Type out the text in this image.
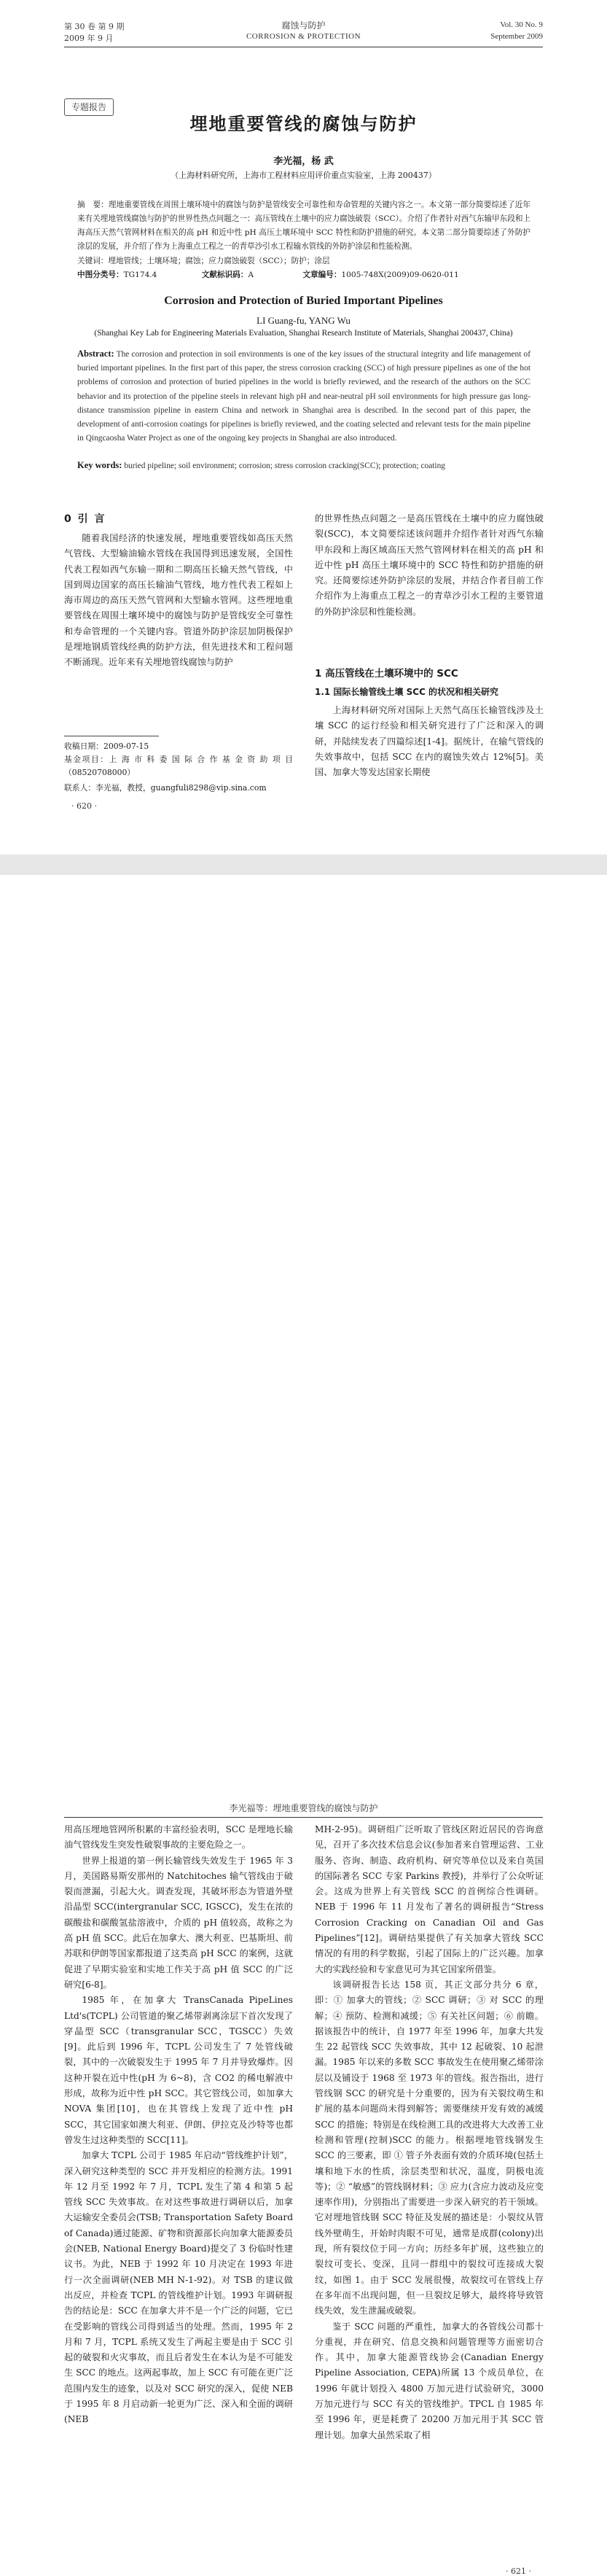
第 30 卷 第 9 期
2009 年 9 月
腐蚀与防护
CORROSION & PROTECTION
Vol. 30 No. 9
September 2009
专题报告
埋地重要管线的腐蚀与防护
李光福，杨 武
（上海材料研究所，上海市工程材料应用评价重点实验室，上海 200437）
摘　要：理地重要管线在周围土壤环境中的腐蚀与防护是管线安全可靠性和寿命管理的关键内容之一。本文第一部分简要综述了近年来有关埋地管线腐蚀与防护的世界性热点问题之一：高压管线在土壤中的应力腐蚀破裂（SCC）。介绍了作者针对西气东输甲东段和上海高压天然气管网材料在相关的高 pH 和近中性 pH 高压土壤环境中 SCC 特性和防护措施的研究。本文第二部分简要综述了外防护涂层的发展，并介绍了作为上海重点工程之一的青草沙引水工程输水管线的外防护涂层和性能检测。
关键词：埋地管线；土壤环境；腐蚀；应力腐蚀破裂（SCC）；防护；涂层
中图分类号：TG174.4	文献标识码：A	文章编号：1005-748X(2009)09-0620-011
Corrosion and Protection of Buried Important Pipelines
LI Guang-fu, YANG Wu
(Shanghai Key Lab for Engineering Materials Evaluation, Shanghai Research Institute of Materials, Shanghai 200437, China)
Abstract: The corrosion and protection in soil environments is one of the key issues of the structural integrity and life management of buried important pipelines. In the first part of this paper, the stress corrosion cracking (SCC) of high pressure pipelines as one of the hot problems of corrosion and protection of buried pipelines in the world is briefly reviewed, and the research of the authors on the SCC behavior and its protection of the pipeline steels in relevant high pH and near-neutral pH soil environments for high pressure gas long-distance transmission pipeline in eastern China and network in Shanghai area is described. In the second part of this paper, the development of anti-corrosion coatings for pipelines is briefly reviewed, and the coating selected and relevant tests for the main pipeline in Qingcaosha Water Project as one of the ongoing key projects in Shanghai are also introduced.
Key words: buried pipeline; soil environment; corrosion; stress corrosion cracking(SCC); protection; coating
0 引 言
随着我国经济的快速发展，埋地重要管线如高压天然气管线、大型输油输水管线在我国得到迅速发展，全国性代表工程如西气东输一期和二期高压长输天然气管线，中国到周边国家的高压长输油气管线，地方性代表工程如上海市周边的高压天然气管网和大型输水管网。这些埋地重要管线在周围土壤环境中的腐蚀与防护是管线安全可靠性和寿命管理的一个关键内容。管道外防护涂层加阴极保护是埋地钢质管线经典的防护方法，但先进技术和工程问题不断涌现。近年来有关埋地管线腐蚀与防护
收稿日期：2009-07-15
基金项目：上 海 市 科 委 国 际 合 作 基 金 资 助 项 目（08520708000）
联系人：李光福，教授，guangfuli8298@vip.sina.com
· 620 ·
的世界性热点问题之一是高压管线在土壤中的应力腐蚀破裂(SCC)，本文简要综述该问题并介绍作者针对西气东输甲东段和上海区域高压天然气管网材料在相关的高 pH 和近中性 pH 高压土壤环境中的 SCC 特性和防护措施的研究。还简要综述外防护涂层的发展，并结合作者目前工作介绍作为上海重点工程之一的青草沙引水工程的主要管道的外防护涂层和性能检测。
1 高压管线在土壤环境中的 SCC
1.1 国际长输管线土壤 SCC 的状况和相关研究
上海材料研究所对国际上天然气高压长输管线涉及土壤 SCC 的运行经验和相关研究进行了广泛和深入的调研，并陆续发表了四篇综述[1-4]。据统计，在输气管线的失效事故中，包括 SCC 在内的腐蚀失效占 12%[5]。美国、加拿大等发达国家长期使
李光福等：埋地重要管线的腐蚀与防护

用高压埋地管网所积累的丰富经验表明，SCC 是埋地长输油气管线发生突发性破裂事故的主要危险之一。

世界上报道的第一例长输管线失效发生于 1965 年 3 月，美国路易斯安那州的 Natchitoches 输气管线由于破裂而泄漏，引起大火。调查发现，其破坏形态为管道外壁沿晶型 SCC(intergranular SCC, IGSCC)，发生在浓的碳酸盐和碳酸氢盐溶液中，介质的 pH 值较高，故称之为高 pH 值 SCC。此后在加拿大、澳大利亚、巴基斯坦、前苏联和伊朗等国家都报道了这类高 pH SCC 的案例，这就促进了早期实验室和实地工作关于高 pH 值 SCC 的广泛研究[6-8]。

1985 年，在加拿大 TransCanada PipeLines Ltd's(TCPL) 公司管道的聚乙烯带剥离涂层下首次发现了穿晶型 SCC（transgranular SCC，TGSCC）失效[9]。此后到 1996 年，TCPL 公司发生了 7 处管线破裂，其中的一次破裂发生于 1995 年 7 月并导致爆炸。因这种开裂在近中性(pH 为 6~8)，含 CO2 的稀电解液中形成，故称为近中性 pH SCC。其它管线公司，如加拿大 NOVA 集团[10]，也在其管线上发现了近中性 pH SCC，其它国家如澳大利亚、伊朗、伊拉克及沙特等也都曾发生过这种类型的 SCC[11]。

加拿大 TCPL 公司于 1985 年启动“管线维护计划”，深入研究这种类型的 SCC 并开发相应的检测方法。1991 年 12 月至 1992 年 7 月，TCPL 发生了第 4 和第 5 起管线 SCC 失效事故。在对这些事故进行调研以后，加拿大运输安全委员会(TSB; Transportation Safety Board of Canada)通过能源、矿物和资源部长向加拿大能源委员会(NEB, National Energy Board)提交了 3 份临时性建议书。为此，NEB 于 1992 年 10 月决定在 1993 年进行一次全面调研(NEB MH N-1-92)。对 TSB 的建议做出反应，并检查 TCPL 的管线维护计划。1993 年调研报告的结论是：SCC 在加拿大并不是一个广泛的问题，它已在受影响的管线公司得到适当的处理。然而，1995 年 2 月和 7 月，TCPL 系统又发生了两起主要是由于 SCC 引起的破裂和火灾事故，而且后者发生在本认为是不可能发生 SCC 的地点。这两起事故，加上 SCC 有可能在更广泛范围内发生的迹象，以及对 SCC 研究的深入，促使 NEB 于 1995 年 8 月启动新一轮更为广泛、深入和全面的调研(NEB

MH-2-95)。调研组广泛听取了管线区附近居民的咨询意见，召开了多次技术信息会议(参加者来自管理运营、工业服务、咨询、制造、政府机构、研究等单位以及来自英国的国际著名 SCC 专家 Parkins 教授)，并举行了公众听证会。这成为世界上有关管线 SCC 的首例综合性调研。NEB 于 1996 年 11 月发布了著名的调研报告“Stress Corrosion Cracking on Canadian Oil and Gas Pipelines”[12]。调研结果提供了有关加拿大管线 SCC 情况的有用的科学数据，引起了国际上的广泛兴趣。加拿大的实践经验和专家意见可为其它国家所借鉴。

该调研报告长达 158 页，其正文部分共分 6 章，即：① 加拿大的管线；② SCC 调研；③ 对 SCC 的理解；④ 预防、检测和减缓；⑤ 有关社区问题；⑥ 前瞻。据该报告中的统计，自 1977 年至 1996 年，加拿大共发生 22 起管线 SCC 失效事故，其中 12 起破裂、10 起泄漏。1985 年以来的多数 SCC 事故发生在使用聚乙烯带涂层以及铺设于 1968 至 1973 年的管线。报告指出，进行管线钢 SCC 的研究是十分重要的，因为有关裂纹萌生和扩展的基本问题尚未得到解答；需要继续开发有效的减缓 SCC 的措施；特别是在线检测工具的改进将大大改善工业检测和管理(控制)SCC 的能力。根据埋地管线钢发生 SCC 的三要素，即 ① 管子外表面有效的介质环境(包括土壤和地下水的性质，涂层类型和状况，温度，阴极电流等)；② “敏感”的管线钢材料；③ 应力(含应力波动及应变速率作用)，分别指出了需要进一步深入研究的若干领域。它对埋地管线钢 SCC 特征及发展的描述是：小裂纹从管线外壁萌生，开始时肉眼不可见，通常是成群(colony)出现，所有裂纹位于同一方向；历经多年扩展，这些独立的裂纹可变长、变深，且同一群组中的裂纹可连接成大裂纹，如图 1。由于 SCC 发展很慢，故裂纹可在管线上存在多年而不出现问题，但一旦裂纹足够大，最终将导致管线失效，发生泄漏或破裂。

鉴于 SCC 问题的严重性，加拿大的各管线公司都十分重视，并在研究、信息交换和问题管理等方面密切合作。其中，加拿大能源管线协会(Canadian Energy Pipeline Association, CEPA)所属 13 个成员单位，在 1996 年就计划投入 4800 万加元进行试验研究，3000 万加元进行与 SCC 有关的管线维护。TPCL 自 1985 年至 1996 年，更是耗费了 20200 万加元用于其 SCC 管理计划。加拿大虽然采取了相

· 621 ·
